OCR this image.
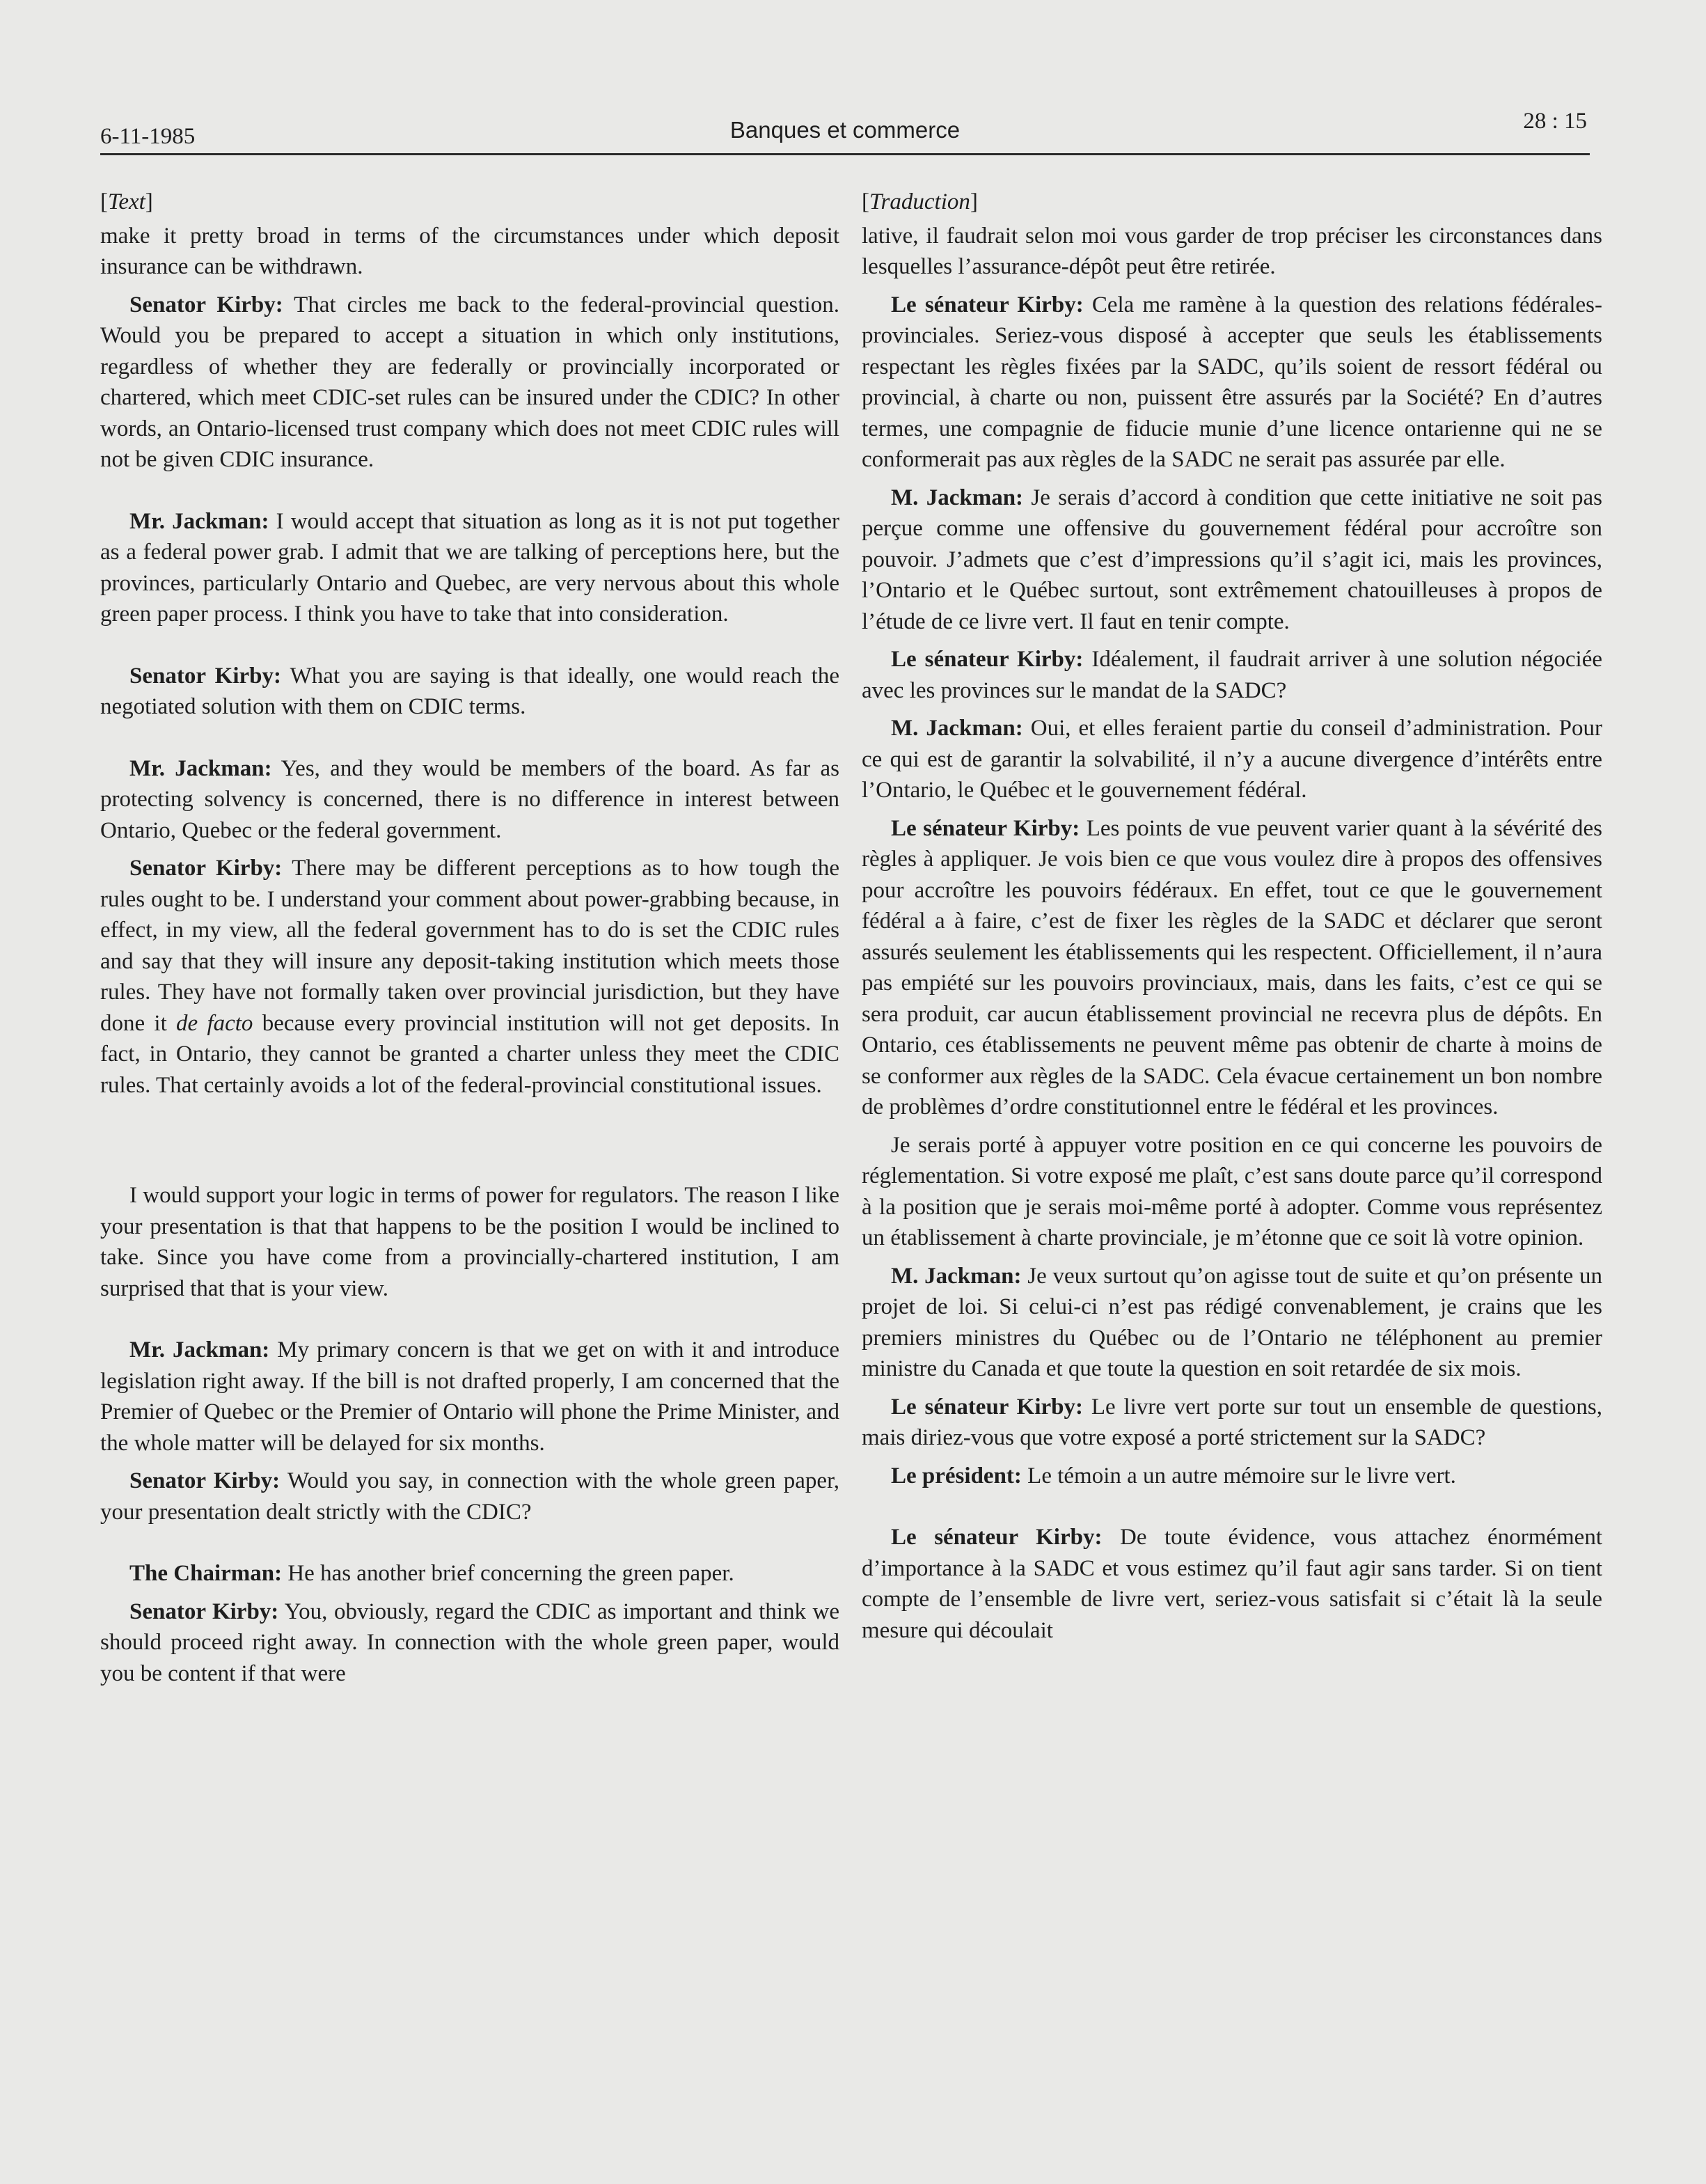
6-11-1985	Banques et commerce	28 : 15
[Text]

make it pretty broad in terms of the circumstances under which deposit insurance can be withdrawn.

Senator Kirby: That circles me back to the federal-provincial question. Would you be prepared to accept a situation in which only institutions, regardless of whether they are federally or provincially incorporated or chartered, which meet CDIC-set rules can be insured under the CDIC? In other words, an Ontario-licensed trust company which does not meet CDIC rules will not be given CDIC insurance.

Mr. Jackman: I would accept that situation as long as it is not put together as a federal power grab. I admit that we are talking of perceptions here, but the provinces, particularly Ontario and Quebec, are very nervous about this whole green paper process. I think you have to take that into consideration.

Senator Kirby: What you are saying is that ideally, one would reach the negotiated solution with them on CDIC terms.

Mr. Jackman: Yes, and they would be members of the board. As far as protecting solvency is concerned, there is no difference in interest between Ontario, Quebec or the federal government.

Senator Kirby: There may be different perceptions as to how tough the rules ought to be. I understand your comment about power-grabbing because, in effect, in my view, all the federal government has to do is set the CDIC rules and say that they will insure any deposit-taking institution which meets those rules. They have not formally taken over provincial jurisdiction, but they have done it de facto because every provincial institution will not get deposits. In fact, in Ontario, they cannot be granted a charter unless they meet the CDIC rules. That certainly avoids a lot of the federal-provincial constitutional issues.

I would support your logic in terms of power for regulators. The reason I like your presentation is that that happens to be the position I would be inclined to take. Since you have come from a provincially-chartered institution, I am surprised that that is your view.

Mr. Jackman: My primary concern is that we get on with it and introduce legislation right away. If the bill is not drafted properly, I am concerned that the Premier of Quebec or the Premier of Ontario will phone the Prime Minister, and the whole matter will be delayed for six months.

Senator Kirby: Would you say, in connection with the whole green paper, your presentation dealt strictly with the CDIC?

The Chairman: He has another brief concerning the green paper.

Senator Kirby: You, obviously, regard the CDIC as important and think we should proceed right away. In connection with the whole green paper, would you be content if that were

[Traduction]

lative, il faudrait selon moi vous garder de trop préciser les circonstances dans lesquelles l’assurance-dépôt peut être retirée.

Le sénateur Kirby: Cela me ramène à la question des relations fédérales-provinciales. Seriez-vous disposé à accepter que seuls les établissements respectant les règles fixées par la SADC, qu’ils soient de ressort fédéral ou provincial, à charte ou non, puissent être assurés par la Société? En d’autres termes, une compagnie de fiducie munie d’une licence ontarienne qui ne se conformerait pas aux règles de la SADC ne serait pas assurée par elle.

M. Jackman: Je serais d’accord à condition que cette initiative ne soit pas perçue comme une offensive du gouvernement fédéral pour accroître son pouvoir. J’admets que c’est d’impressions qu’il s’agit ici, mais les provinces, l’Ontario et le Québec surtout, sont extrêmement chatouilleuses à propos de l’étude de ce livre vert. Il faut en tenir compte.

Le sénateur Kirby: Idéalement, il faudrait arriver à une solution négociée avec les provinces sur le mandat de la SADC?

M. Jackman: Oui, et elles feraient partie du conseil d’administration. Pour ce qui est de garantir la solvabilité, il n’y a aucune divergence d’intérêts entre l’Ontario, le Québec et le gouvernement fédéral.

Le sénateur Kirby: Les points de vue peuvent varier quant à la sévérité des règles à appliquer. Je vois bien ce que vous voulez dire à propos des offensives pour accroître les pouvoirs fédéraux. En effet, tout ce que le gouvernement fédéral a à faire, c’est de fixer les règles de la SADC et déclarer que seront assurés seulement les établissements qui les respectent. Officiellement, il n’aura pas empiété sur les pouvoirs provinciaux, mais, dans les faits, c’est ce qui se sera produit, car aucun établissement provincial ne recevra plus de dépôts. En Ontario, ces établissements ne peuvent même pas obtenir de charte à moins de se conformer aux règles de la SADC. Cela évacue certainement un bon nombre de problèmes d’ordre constitutionnel entre le fédéral et les provinces.

Je serais porté à appuyer votre position en ce qui concerne les pouvoirs de réglementation. Si votre exposé me plaît, c’est sans doute parce qu’il correspond à la position que je serais moi-même porté à adopter. Comme vous représentez un établissement à charte provinciale, je m’étonne que ce soit là votre opinion.

M. Jackman: Je veux surtout qu’on agisse tout de suite et qu’on présente un projet de loi. Si celui-ci n’est pas rédigé convenablement, je crains que les premiers ministres du Québec ou de l’Ontario ne téléphonent au premier ministre du Canada et que toute la question en soit retardée de six mois.

Le sénateur Kirby: Le livre vert porte sur tout un ensemble de questions, mais diriez-vous que votre exposé a porté strictement sur la SADC?

Le président: Le témoin a un autre mémoire sur le livre vert.

Le sénateur Kirby: De toute évidence, vous attachez énormément d’importance à la SADC et vous estimez qu’il faut agir sans tarder. Si on tient compte de l’ensemble de livre vert, seriez-vous satisfait si c’était là la seule mesure qui découlait
